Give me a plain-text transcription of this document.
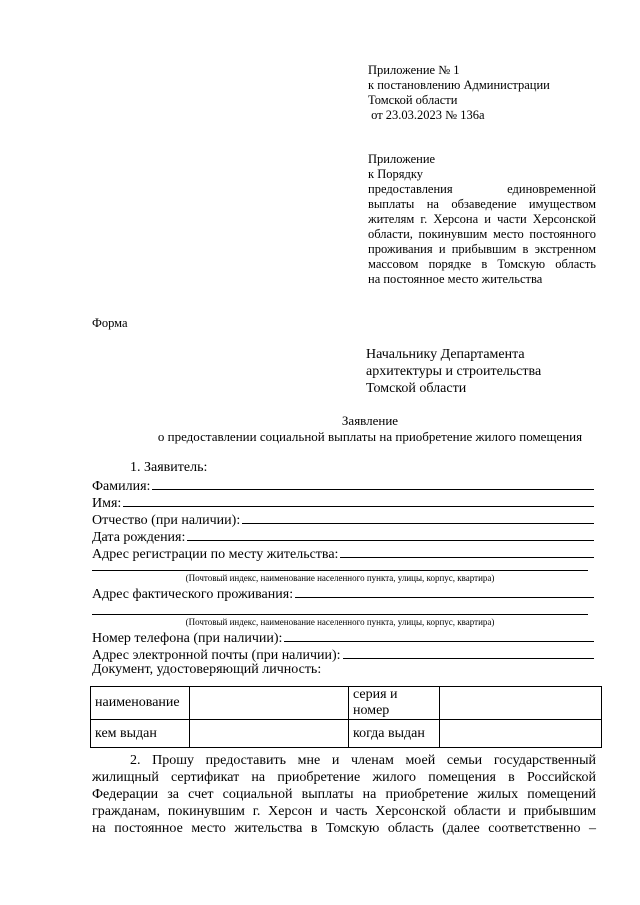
Приложение № 1
к постановлению Администрации
Томской области
от 23.03.2023 № 136а
Приложение
к Порядку
предоставления единовременной
выплаты на обзаведение имуществом
жителям г. Херсона и части Херсонской
области, покинувшим место постоянного
проживания и прибывшим в экстренном
массовом порядке в Томскую область
на постоянное место жительства
Форма
Начальнику Департамента
архитектуры и строительства
Томской области
Заявление
о предоставлении социальной выплаты на приобретение жилого помещения
1. Заявитель:
Фамилия:
Имя:
Отчество (при наличии):
Дата рождения:
Адрес регистрации по месту жительства:
(Почтовый индекс, наименование населенного пункта, улицы, корпус, квартира)
Адрес фактического проживания:
(Почтовый индекс, наименование населенного пункта, улицы, корпус, квартира)
Номер телефона (при наличии):
Адрес электронной почты (при наличии):
Документ, удостоверяющий личность:
наименование		серия и номер	
кем выдан		когда выдан	
2. Прошу предоставить мне и членам моей семьи государственный
жилищный сертификат на приобретение жилого помещения в Российской
Федерации за счет социальной выплаты на приобретение жилых помещений
гражданам, покинувшим г. Херсон и часть Херсонской области и прибывшим
на постоянное место жительства в Томскую область (далее соответственно –
